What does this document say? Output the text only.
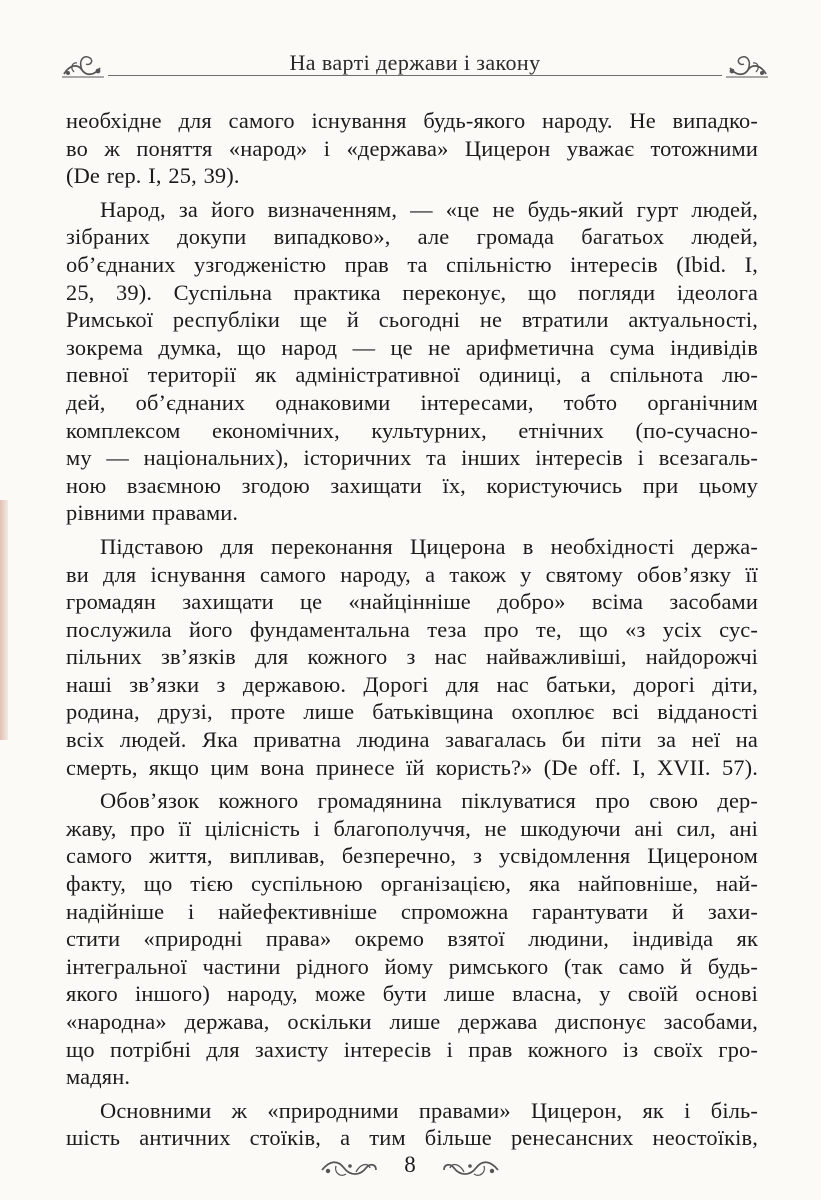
На варті держави і закону

необхідне для самого існування будь-якого народу. Не випадко-

во ж поняття «народ» і «держава» Цицерон уважає тотожними

(De rep. I, 25, 39).

Народ, за його визначенням, — «це не будь-який гурт людей,

зібраних докупи випадково», але громада багатьох людей,

об’єднаних узгодженістю прав та спільністю інтересів (Ibid. I,

25, 39). Суспільна практика переконує, що погляди ідеолога

Римської республіки ще й сьогодні не втратили актуальності,

зокрема думка, що народ — це не арифметична сума індивідів

певної території як адміністративної одиниці, а спільнота лю-

дей, об’єднаних однаковими інтересами, тобто органічним

комплексом економічних, культурних, етнічних (по-сучасно-

му — національних), історичних та інших інтересів і всезагаль-

ною взаємною згодою захищати їх, користуючись при цьому

рівними правами.

Підставою для переконання Цицерона в необхідності держа-

ви для існування самого народу, а також у святому обов’язку її

громадян захищати це «найцінніше добро» всіма засобами

послужила його фундаментальна теза про те, що «з усіх сус-

пільних зв’язків для кожного з нас найважливіші, найдорожчі

наші зв’язки з державою. Дорогі для нас батьки, дорогі діти,

родина, друзі, проте лише батьківщина охоплює всі відданості

всіх людей. Яка приватна людина завагалась би піти за неї на

смерть, якщо цим вона принесе їй користь?» (De off. I, XVII. 57).

Обов’язок кожного громадянина піклуватися про свою дер-

жаву, про її цілісність і благополуччя, не шкодуючи ані сил, ані

самого життя, випливав, безперечно, з усвідомлення Цицероном

факту, що тією суспільною організацією, яка найповніше, най-

надійніше і найефективніше спроможна гарантувати й захи-

стити «природні права» окремо взятої людини, індивіда як

інтегральної частини рідного йому римського (так само й будь-

якого іншого) народу, може бути лише власна, у своїй основі

«народна» держава, оскільки лише держава диспонує засобами,

що потрібні для захисту інтересів і прав кожного із своїх гро-

мадян.

Основними ж «природними правами» Цицерон, як і біль-

шість античних стоїків, а тим більше ренесансних неостоїків,

8
